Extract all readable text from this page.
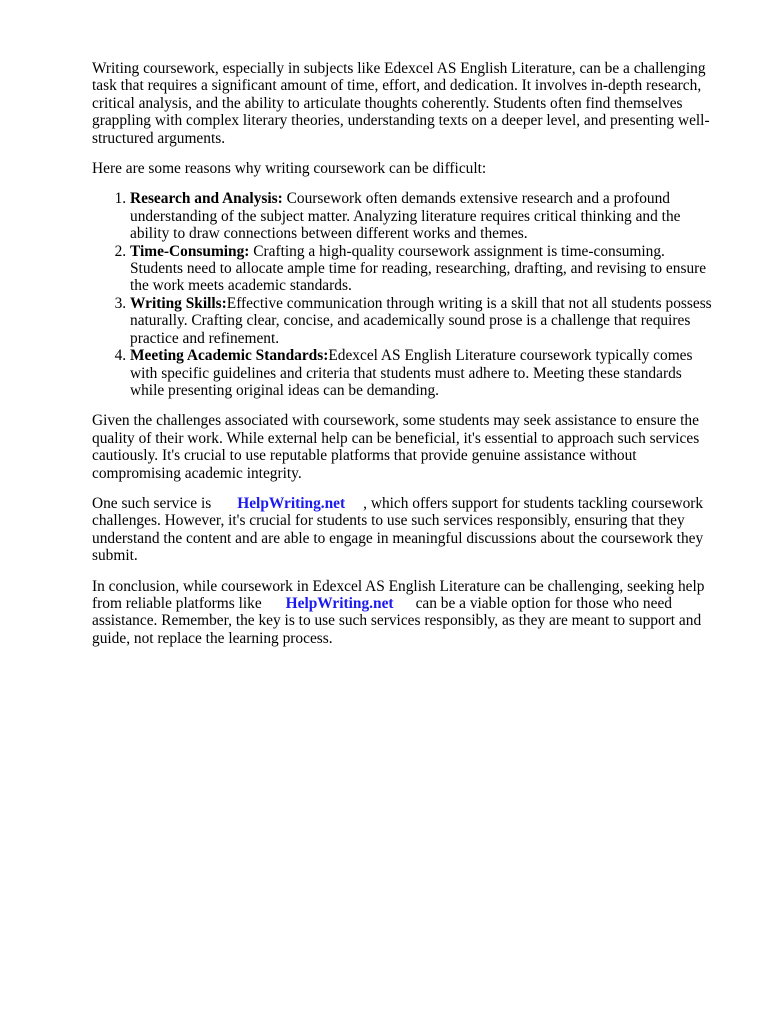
Writing coursework, especially in subjects like Edexcel AS English Literature, can be a challenging task that requires a significant amount of time, effort, and dedication. It involves in-depth research, critical analysis, and the ability to articulate thoughts coherently. Students often find themselves grappling with complex literary theories, understanding texts on a deeper level, and presenting well-structured arguments.

Here are some reasons why writing coursework can be difficult:

1. Research and Analysis: Coursework often demands extensive research and a profound understanding of the subject matter. Analyzing literature requires critical thinking and the ability to draw connections between different works and themes.
2. Time-Consuming: Crafting a high-quality coursework assignment is time-consuming. Students need to allocate ample time for reading, researching, drafting, and revising to ensure the work meets academic standards.
3. Writing Skills:Effective communication through writing is a skill that not all students possess naturally. Crafting clear, concise, and academically sound prose is a challenge that requires practice and refinement.
4. Meeting Academic Standards:Edexcel AS English Literature coursework typically comes with specific guidelines and criteria that students must adhere to. Meeting these standards while presenting original ideas can be demanding.

Given the challenges associated with coursework, some students may seek assistance to ensure the quality of their work. While external help can be beneficial, it's essential to approach such services cautiously. It's crucial to use reputable platforms that provide genuine assistance without compromising academic integrity.

One such service is HelpWriting.net , which offers support for students tackling coursework challenges. However, it's crucial for students to use such services responsibly, ensuring that they understand the content and are able to engage in meaningful discussions about the coursework they submit.

In conclusion, while coursework in Edexcel AS English Literature can be challenging, seeking help from reliable platforms like HelpWriting.net can be a viable option for those who need assistance. Remember, the key is to use such services responsibly, as they are meant to support and guide, not replace the learning process.
